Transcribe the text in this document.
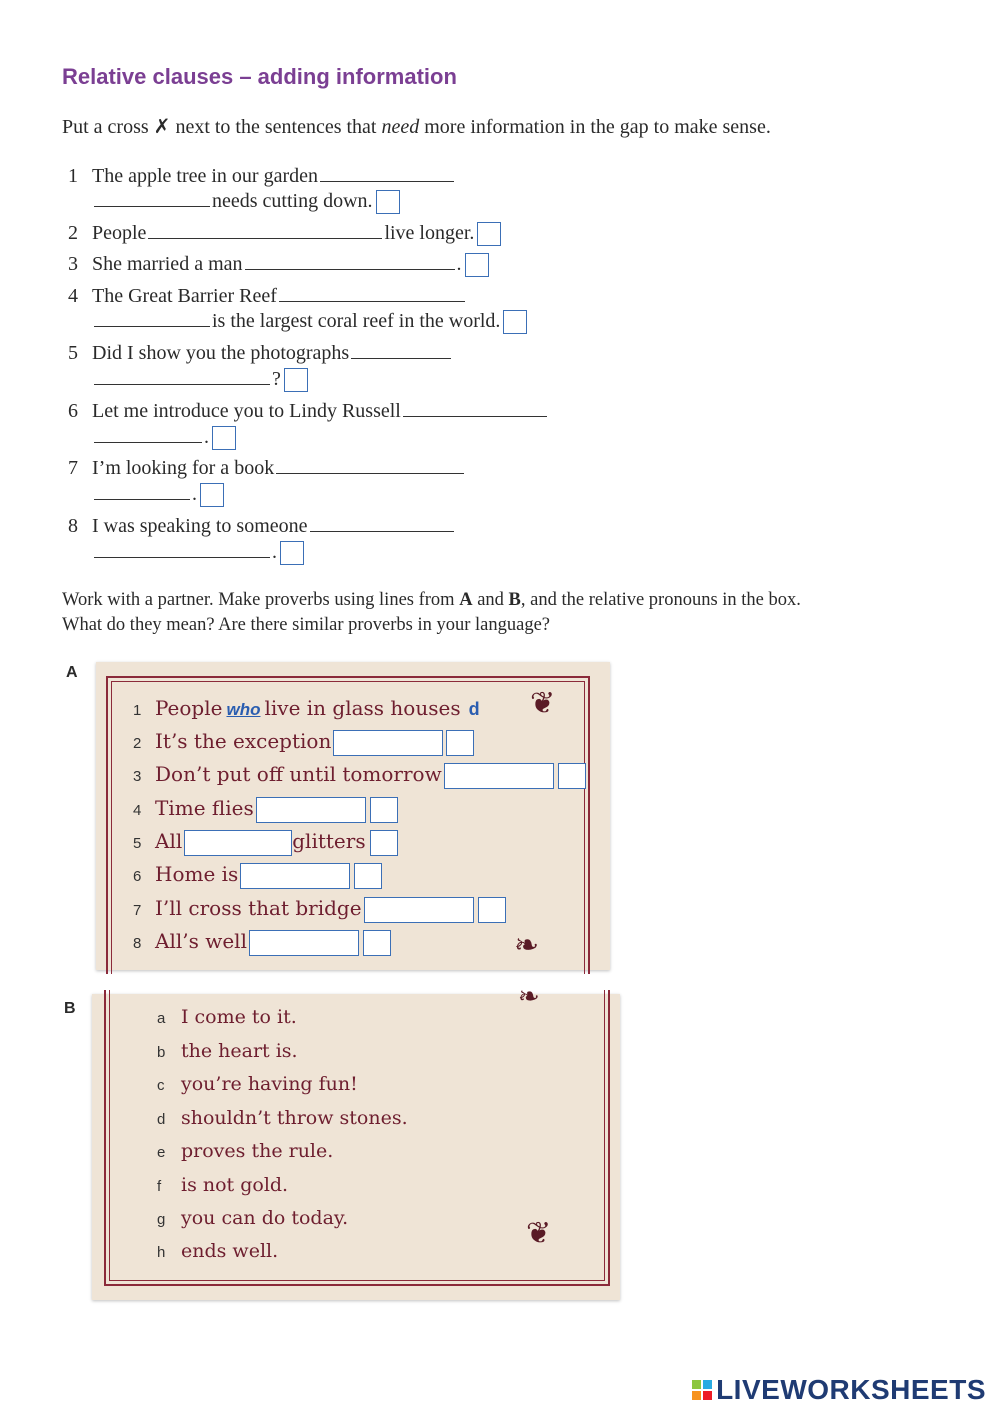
Relative clauses – adding information
Put a cross ✗ next to the sentences that need more information in the gap to make sense.
1 The apple tree in our garden
needs cutting down.
2 People	live longer.
3 She married a man	.
4 The Great Barrier Reef
is the largest coral reef in the world.
5 Did I show you the photographs
?
6 Let me introduce you to Lindy Russell
.
7 I’m looking for a book
.
8 I was speaking to someone
.
Work with a partner. Make proverbs using lines from A and B, and the relative pronouns in the box.
What do they mean? Are there similar proverbs in your language?
A
❦
❧
1 People who live in glass houses d
2 It’s the exception
3 Don’t put off until tomorrow
4 Time flies
5 All	glitters
6 Home is
7 I’ll cross that bridge
8 All’s well
B	❧
❦
a I come to it.
b the heart is.
c you’re having fun!
d shouldn’t throw stones.
e proves the rule.
f is not gold.
g you can do today.
h ends well.
LIVEWORKSHEETS
